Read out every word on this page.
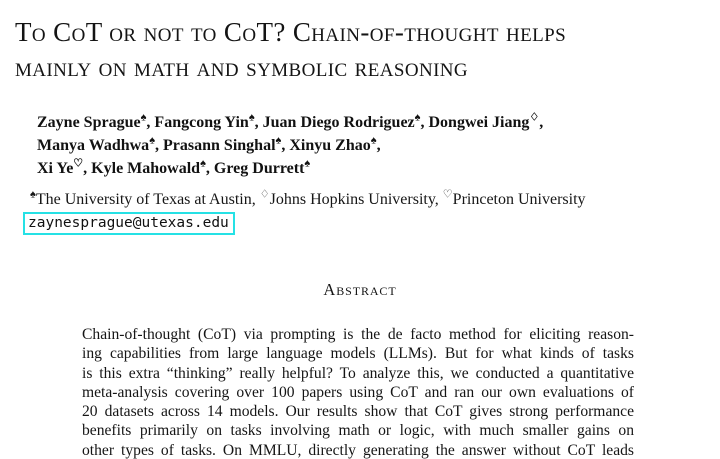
To CoT or not to CoT? Chain-of-thought helps
mainly on math and symbolic reasoning
Zayne Sprague♠, Fangcong Yin♠, Juan Diego Rodriguez♠, Dongwei Jiang♢,
Manya Wadhwa♠, Prasann Singhal♠, Xinyu Zhao♠,
Xi Ye♡, Kyle Mahowald♠, Greg Durrett♠
♠The University of Texas at Austin, ♢Johns Hopkins University, ♡Princeton University
zaynesprague@utexas.edu
Abstract
Chain-of-thought (CoT) via prompting is the de facto method for eliciting reason-
ing capabilities from large language models (LLMs). But for what kinds of tasks
is this extra “thinking” really helpful? To analyze this, we conducted a quantitative
meta-analysis covering over 100 papers using CoT and ran our own evaluations of
20 datasets across 14 models. Our results show that CoT gives strong performance
benefits primarily on tasks involving math or logic, with much smaller gains on
other types of tasks. On MMLU, directly generating the answer without CoT leads
